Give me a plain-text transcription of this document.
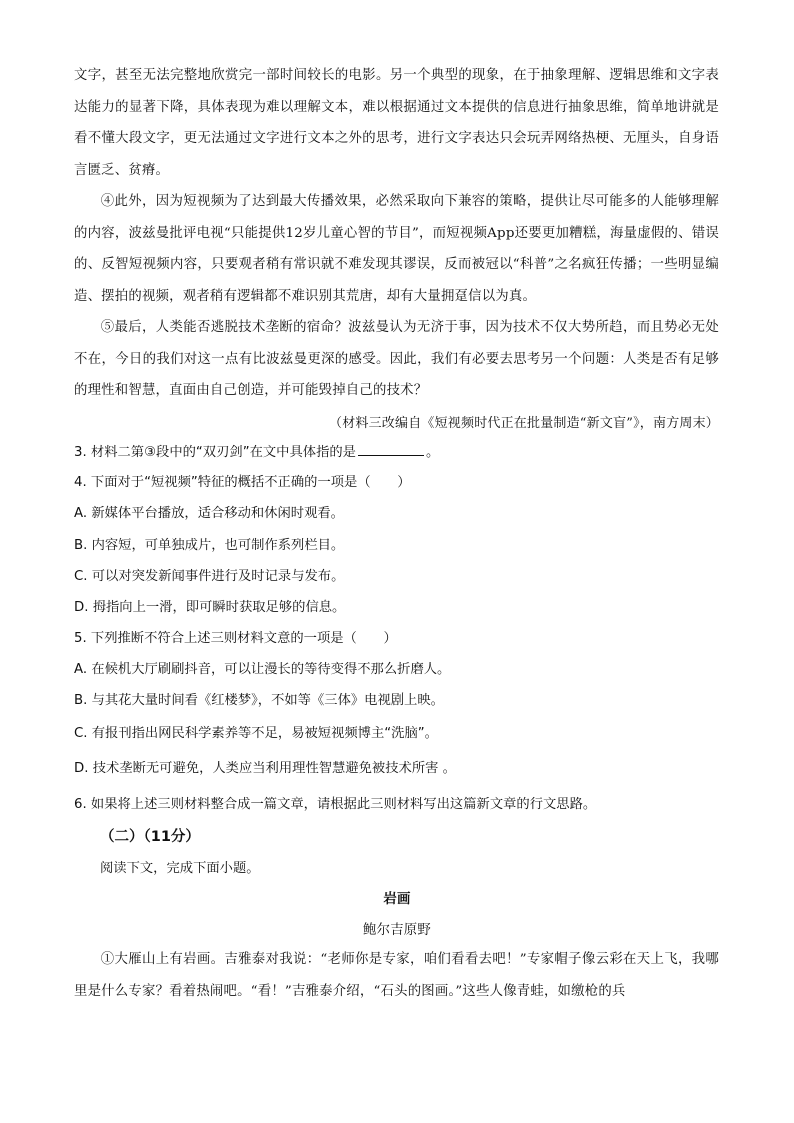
文字，甚至无法完整地欣赏完一部时间较长的电影。另一个典型的现象，在于抽象理解、逻辑思维和文字表达能力的显著下降，具体表现为难以理解文本，难以根据通过文本提供的信息进行抽象思维，简单地讲就是看不懂大段文字，更无法通过文字进行文本之外的思考，进行文字表达只会玩弄网络热梗、无厘头，自身语言匮乏、贫瘠。

④此外，因为短视频为了达到最大传播效果，必然采取向下兼容的策略，提供让尽可能多的人能够理解的内容，波兹曼批评电视“只能提供12岁儿童心智的节目”，而短视频App还要更加糟糕，海量虚假的、错误的、反智短视频内容，只要观者稍有常识就不难发现其谬误，反而被冠以“科普”之名疯狂传播；一些明显编造、摆拍的视频，观者稍有逻辑都不难识别其荒唐，却有大量拥趸信以为真。

⑤最后，人类能否逃脱技术垄断的宿命？波兹曼认为无济于事，因为技术不仅大势所趋，而且势必无处不在，今日的我们对这一点有比波兹曼更深的感受。因此，我们有必要去思考另一个问题：人类是否有足够的理性和智慧，直面由自己创造，并可能毁掉自己的技术？

（材料三改编自《短视频时代正在批量制造“新文盲”》，南方周末）

3. 材料二第③段中的“双刃剑”在文中具体指的是	。

4. 下面对于“短视频”特征的概括不正确的一项是（　　）

A. 新媒体平台播放，适合移动和休闲时观看。

B. 内容短，可单独成片，也可制作系列栏目。

C. 可以对突发新闻事件进行及时记录与发布。

D. 拇指向上一滑，即可瞬时获取足够的信息。

5. 下列推断不符合上述三则材料文意的一项是（　　）

A. 在候机大厅刷刷抖音，可以让漫长的等待变得不那么折磨人。

B. 与其花大量时间看《红楼梦》，不如等《三体》电视剧上映。

C. 有报刊指出网民科学素养等不足，易被短视频博主“洗脑”。

D. 技术垄断无可避免，人类应当利用理性智慧避免被技术所害 。

6. 如果将上述三则材料整合成一篇文章，请根据此三则材料写出这篇新文章的行文思路。

（二）（11分）

阅读下文，完成下面小题。

岩画

鲍尔吉原野

①大雁山上有岩画。吉雅泰对我说：“老师你是专家，咱们看看去吧！”专家帽子像云彩在天上飞，我哪里是什么专家？看着热闹吧。“看！”吉雅泰介绍，“石头的图画。”这些人像青蛙，如缴枪的兵
